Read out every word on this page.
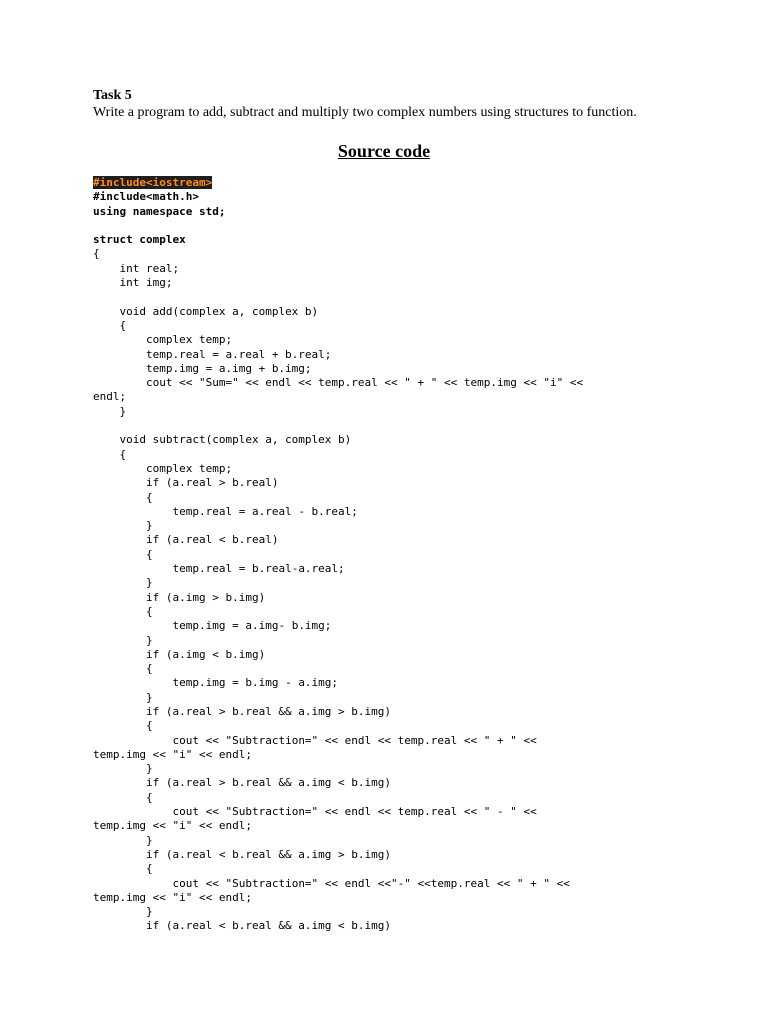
Task 5
Write a program to add, subtract and multiply two complex numbers using structures to function.
Source code
#include<iostream>
#include<math.h>
using namespace std;

struct complex
{
	int real;
	int img;

	void add(complex a, complex b)
	{
		complex temp;
		temp.real = a.real + b.real;
		temp.img = a.img + b.img;
		cout << "Sum=" << endl << temp.real << " + " << temp.img << "i" <<
endl;
	}

	void subtract(complex a, complex b)
	{
		complex temp;
		if (a.real > b.real)
		{
			temp.real = a.real - b.real;
		}
		if (a.real < b.real)
		{
			temp.real = b.real-a.real;
		}
		if (a.img > b.img)
		{
			temp.img = a.img- b.img;
		}
		if (a.img < b.img)
		{
			temp.img = b.img - a.img;
		}
		if (a.real > b.real && a.img > b.img)
		{
			cout << "Subtraction=" << endl << temp.real << " + " <<
temp.img << "i" << endl;
		}
		if (a.real > b.real && a.img < b.img)
		{
			cout << "Subtraction=" << endl << temp.real << " - " <<
temp.img << "i" << endl;
		}
		if (a.real < b.real && a.img > b.img)
		{
			cout << "Subtraction=" << endl <<"-" <<temp.real << " + " <<
temp.img << "i" << endl;
		}
		if (a.real < b.real && a.img < b.img)
